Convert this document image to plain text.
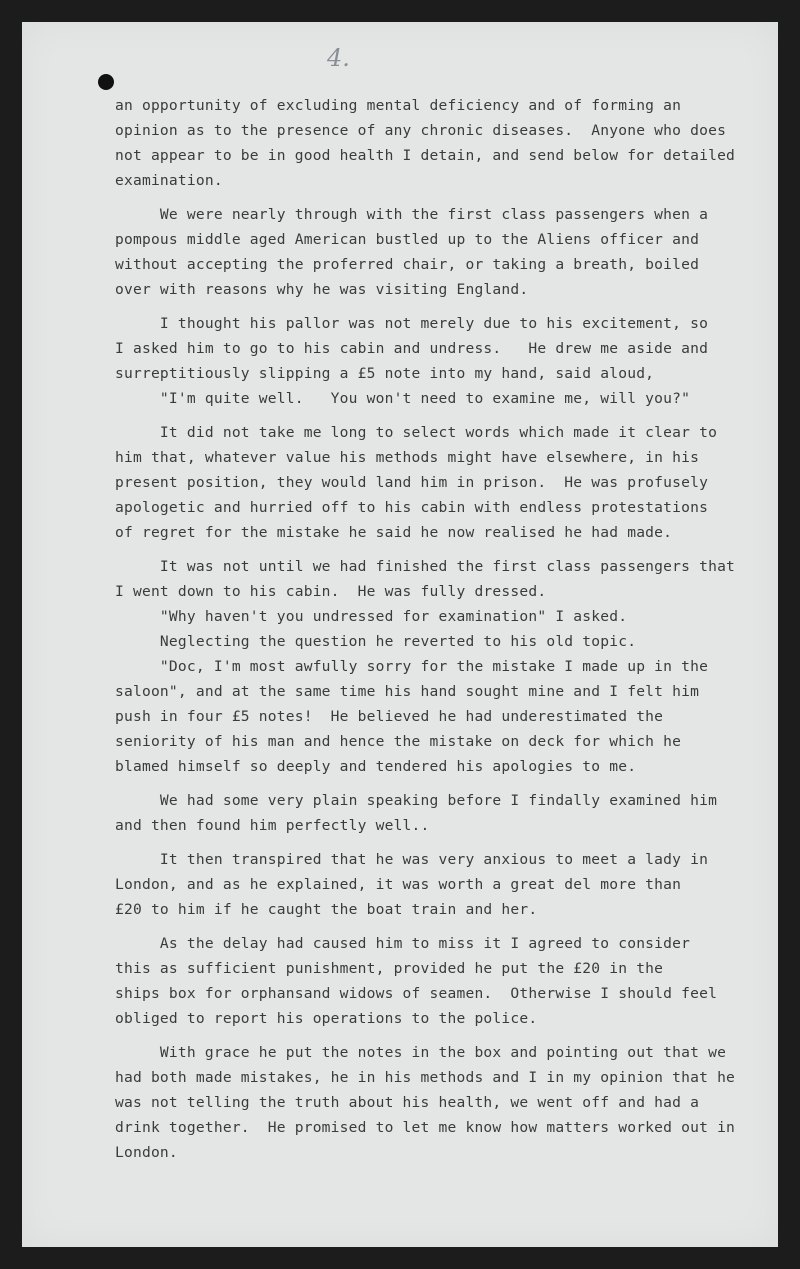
4.
an opportunity of excluding mental deficiency and of forming an
opinion as to the presence of any chronic diseases.  Anyone who does
not appear to be in good health I detain, and send below for detailed
examination.
We were nearly through with the first class passengers when a
pompous middle aged American bustled up to the Aliens officer and
without accepting the proferred chair, or taking a breath, boiled
over with reasons why he was visiting England.
I thought his pallor was not merely due to his excitement, so
I asked him to go to his cabin and undress.   He drew me aside and
surreptitiously slipping a £5 note into my hand, said aloud,
"I'm quite well.   You won't need to examine me, will you?"
It did not take me long to select words which made it clear to
him that, whatever value his methods might have elsewhere, in his
present position, they would land him in prison.  He was profusely
apologetic and hurried off to his cabin with endless protestations
of regret for the mistake he said he now realised he had made.
It was not until we had finished the first class passengers that
I went down to his cabin.  He was fully dressed.
"Why haven't you undressed for examination" I asked.
Neglecting the question he reverted to his old topic.
"Doc, I'm most awfully sorry for the mistake I made up in the
saloon", and at the same time his hand sought mine and I felt him
push in four £5 notes!  He believed he had underestimated the
seniority of his man and hence the mistake on deck for which he
blamed himself so deeply and tendered his apologies to me.
We had some very plain speaking before I findally examined him
and then found him perfectly well..
It then transpired that he was very anxious to meet a lady in
London, and as he explained, it was worth a great del more than
£20 to him if he caught the boat train and her.
As the delay had caused him to miss it I agreed to consider
this as sufficient punishment, provided he put the £20 in the
ships box for orphansand widows of seamen.  Otherwise I should feel
obliged to report his operations to the police.
With grace he put the notes in the box and pointing out that we
had both made mistakes, he in his methods and I in my opinion that he
was not telling the truth about his health, we went off and had a
drink together.  He promised to let me know how matters worked out in
London.
